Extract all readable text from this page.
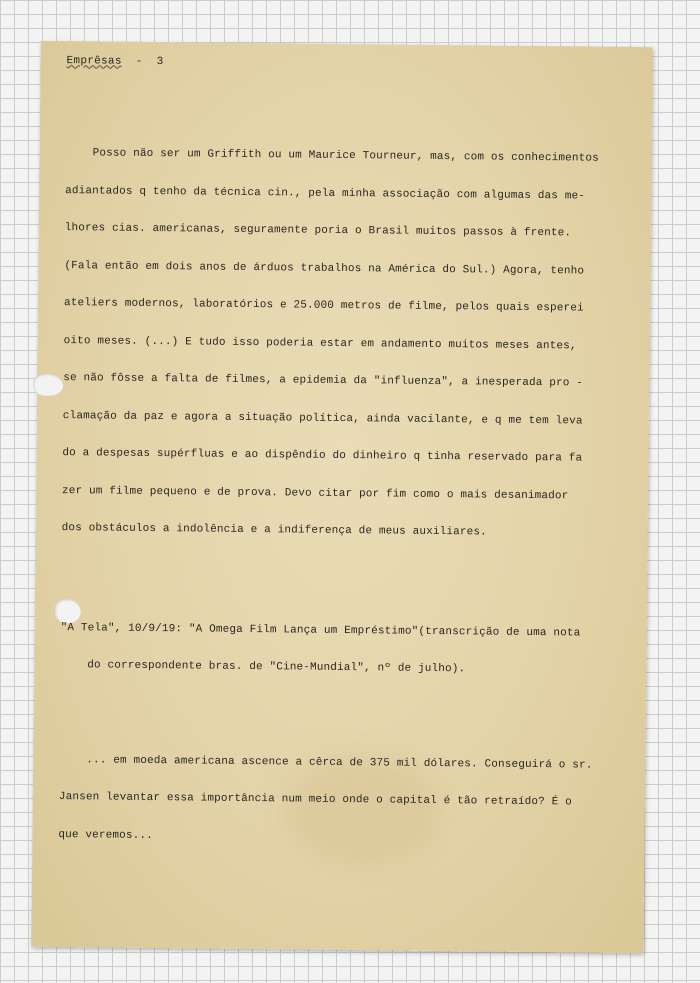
Emprêsas - 3

Posso não ser um Griffith ou um Maurice Tourneur, mas, com os conhecimentos

adiantados q tenho da técnica cin., pela minha associação com algumas das me-

lhores cias. americanas, seguramente poria o Brasil muitos passos à frente.

(Fala então em dois anos de árduos trabalhos na América do Sul.) Agora, tenho

ateliers modernos, laboratórios e 25.000 metros de filme, pelos quais esperei

oito meses. (...) E tudo isso poderia estar em andamento muitos meses antes,

se não fôsse a falta de filmes, a epidemia da "influenza", a inesperada pro -

clamação da paz e agora a situação política, ainda vacilante, e q me tem leva

do a despesas supérfluas e ao dispêndio do dinheiro q tinha reservado para fa

zer um filme pequeno e de prova. Devo citar por fim como o mais desanimador

dos obstáculos a indolência e a indiferença de meus auxiliares.

"A Tela", 10/9/19: "A Omega Film Lança um Empréstimo"(transcrição de uma nota

do correspondente bras. de "Cine-Mundial", nº de julho).

... em moeda americana ascence a cêrca de 375 mil dólares. Conseguirá o sr.

Jansen levantar essa importância num meio onde o capital é tão retraído? É o

que veremos...
